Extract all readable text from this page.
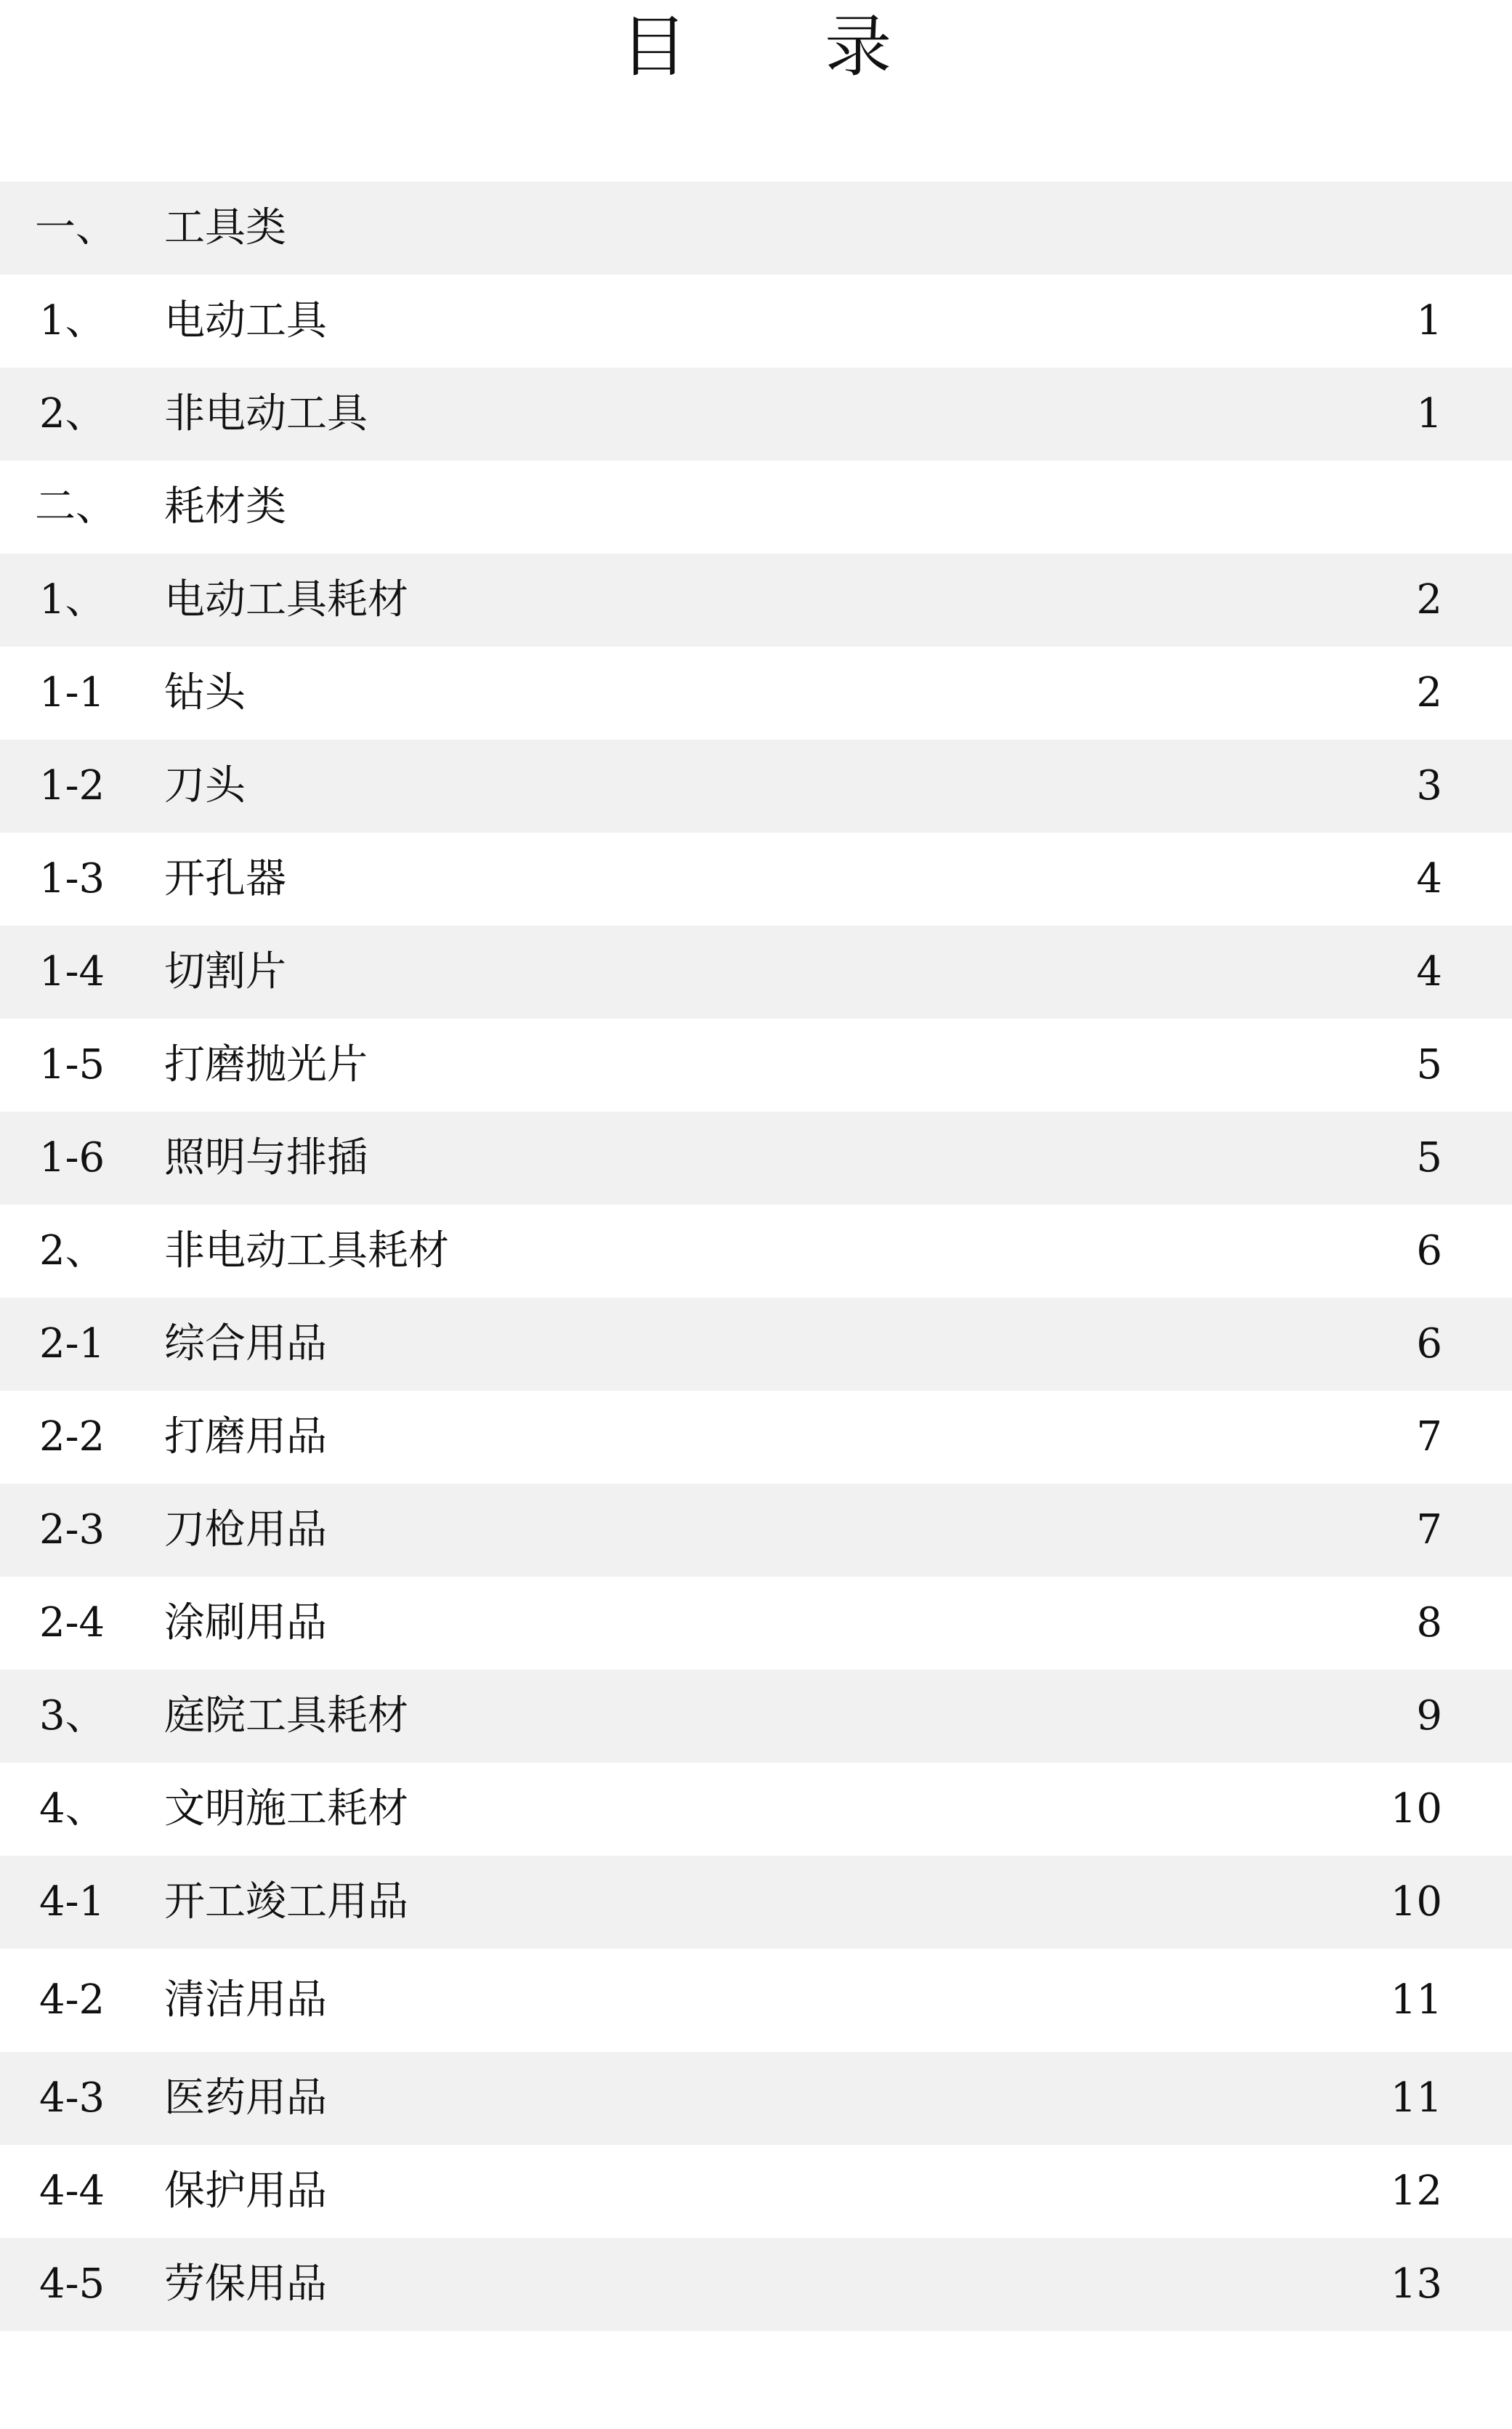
目 录
一、 工具类
1、 电动工具	1
2、 非电动工具	1
二、 耗材类
1、 电动工具耗材	2
1-1 钻头	2
1-2 刀头	3
1-3 开孔器	4
1-4 切割片	4
1-5 打磨抛光片	5
1-6 照明与排插	5
2、 非电动工具耗材	6
2-1 综合用品	6
2-2 打磨用品	7
2-3 刀枪用品	7
2-4 涂刷用品	8
3、 庭院工具耗材	9
4、 文明施工耗材	10
4-1 开工竣工用品	10
4-2 清洁用品	11
4-3 医药用品	11
4-4 保护用品	12
4-5 劳保用品	13
